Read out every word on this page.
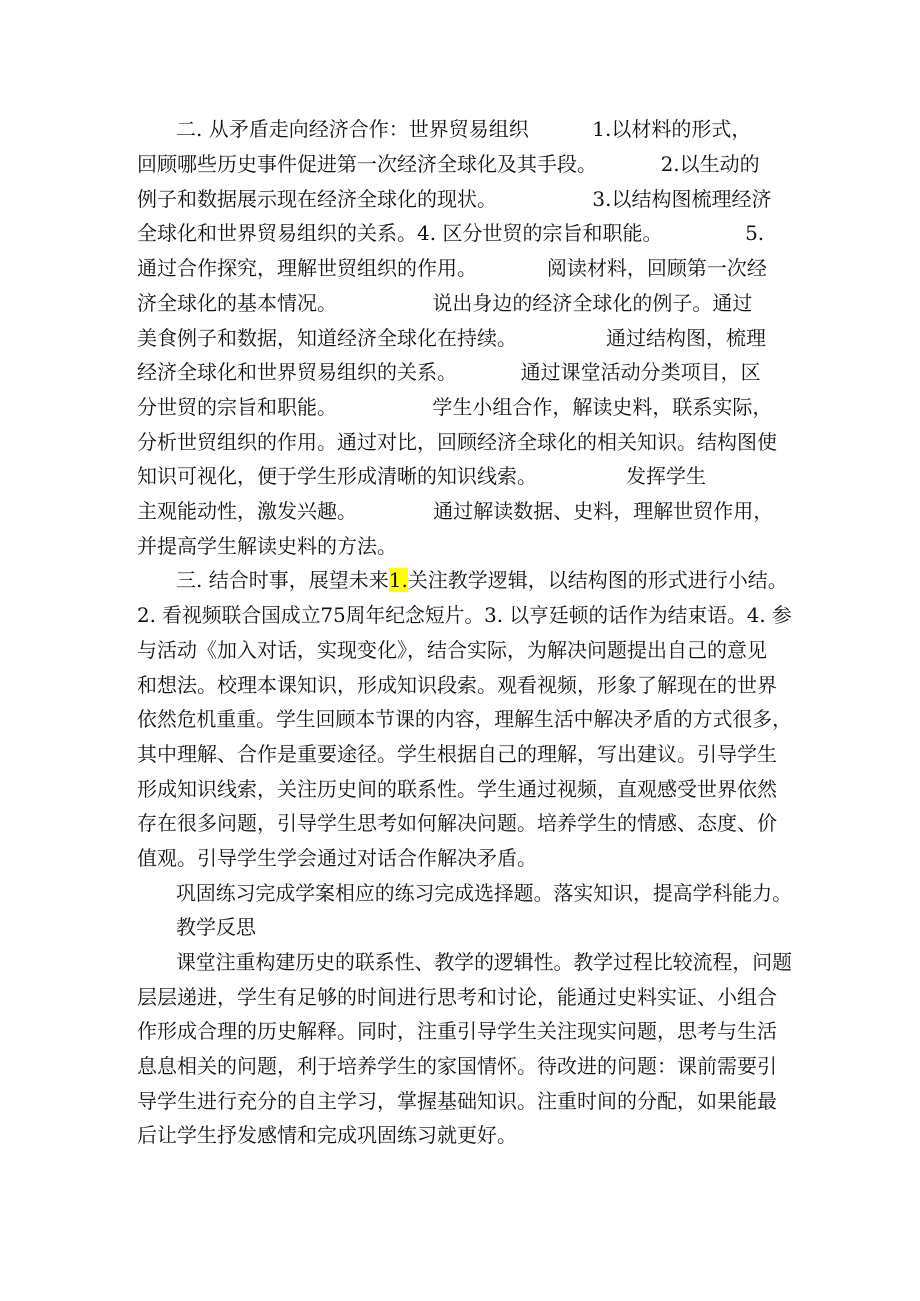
二. 从矛盾走向经济合作：世界贸易组织          1.以材料的形式，
回顾哪些历史事件促进第一次经济全球化及其手段。          2.以生动的
例子和数据展示现在经济全球化的现状。               3.以结构图梳理经济
全球化和世界贸易组织的关系。4. 区分世贸的宗旨和职能。             5.
通过合作探究，理解世贸组织的作用。           阅读材料，回顾第一次经
济全球化的基本情况。               说出身边的经济全球化的例子。通过
美食例子和数据，知道经济全球化在持续。              通过结构图，梳理
经济全球化和世界贸易组织的关系。          通过课堂活动分类项目，区
分世贸的宗旨和职能。               学生小组合作，解读史料，联系实际，
分析世贸组织的作用。通过对比，回顾经济全球化的相关知识。结构图使
知识可视化，便于学生形成清晰的知识线索。              发挥学生
主观能动性，激发兴趣。            通过解读数据、史料，理解世贸作用，
并提高学生解读史料的方法。
三. 结合时事，展望未来1.关注教学逻辑，以结构图的形式进行小结。
2. 看视频联合国成立75周年纪念短片。3. 以亨廷顿的话作为结束语。4. 参
与活动《加入对话，实现变化》，结合实际，为解决问题提出自己的意见
和想法。校理本课知识，形成知识段索。观看视频，形象了解现在的世界
依然危机重重。学生回顾本节课的内容，理解生活中解决矛盾的方式很多，
其中理解、合作是重要途径。学生根据自己的理解，写出建议。引导学生
形成知识线索，关注历史间的联系性。学生通过视频，直观感受世界依然
存在很多问题，引导学生思考如何解决问题。培养学生的情感、态度、价
值观。引导学生学会通过对话合作解决矛盾。
巩固练习完成学案相应的练习完成选择题。落实知识，提高学科能力。
教学反思
课堂注重构建历史的联系性、教学的逻辑性。教学过程比较流程，问题
层层递进，学生有足够的时间进行思考和讨论，能通过史料实证、小组合
作形成合理的历史解释。同时，注重引导学生关注现实问题，思考与生活
息息相关的问题，利于培养学生的家国情怀。待改进的问题：课前需要引
导学生进行充分的自主学习，掌握基础知识。注重时间的分配，如果能最
后让学生抒发感情和完成巩固练习就更好。
